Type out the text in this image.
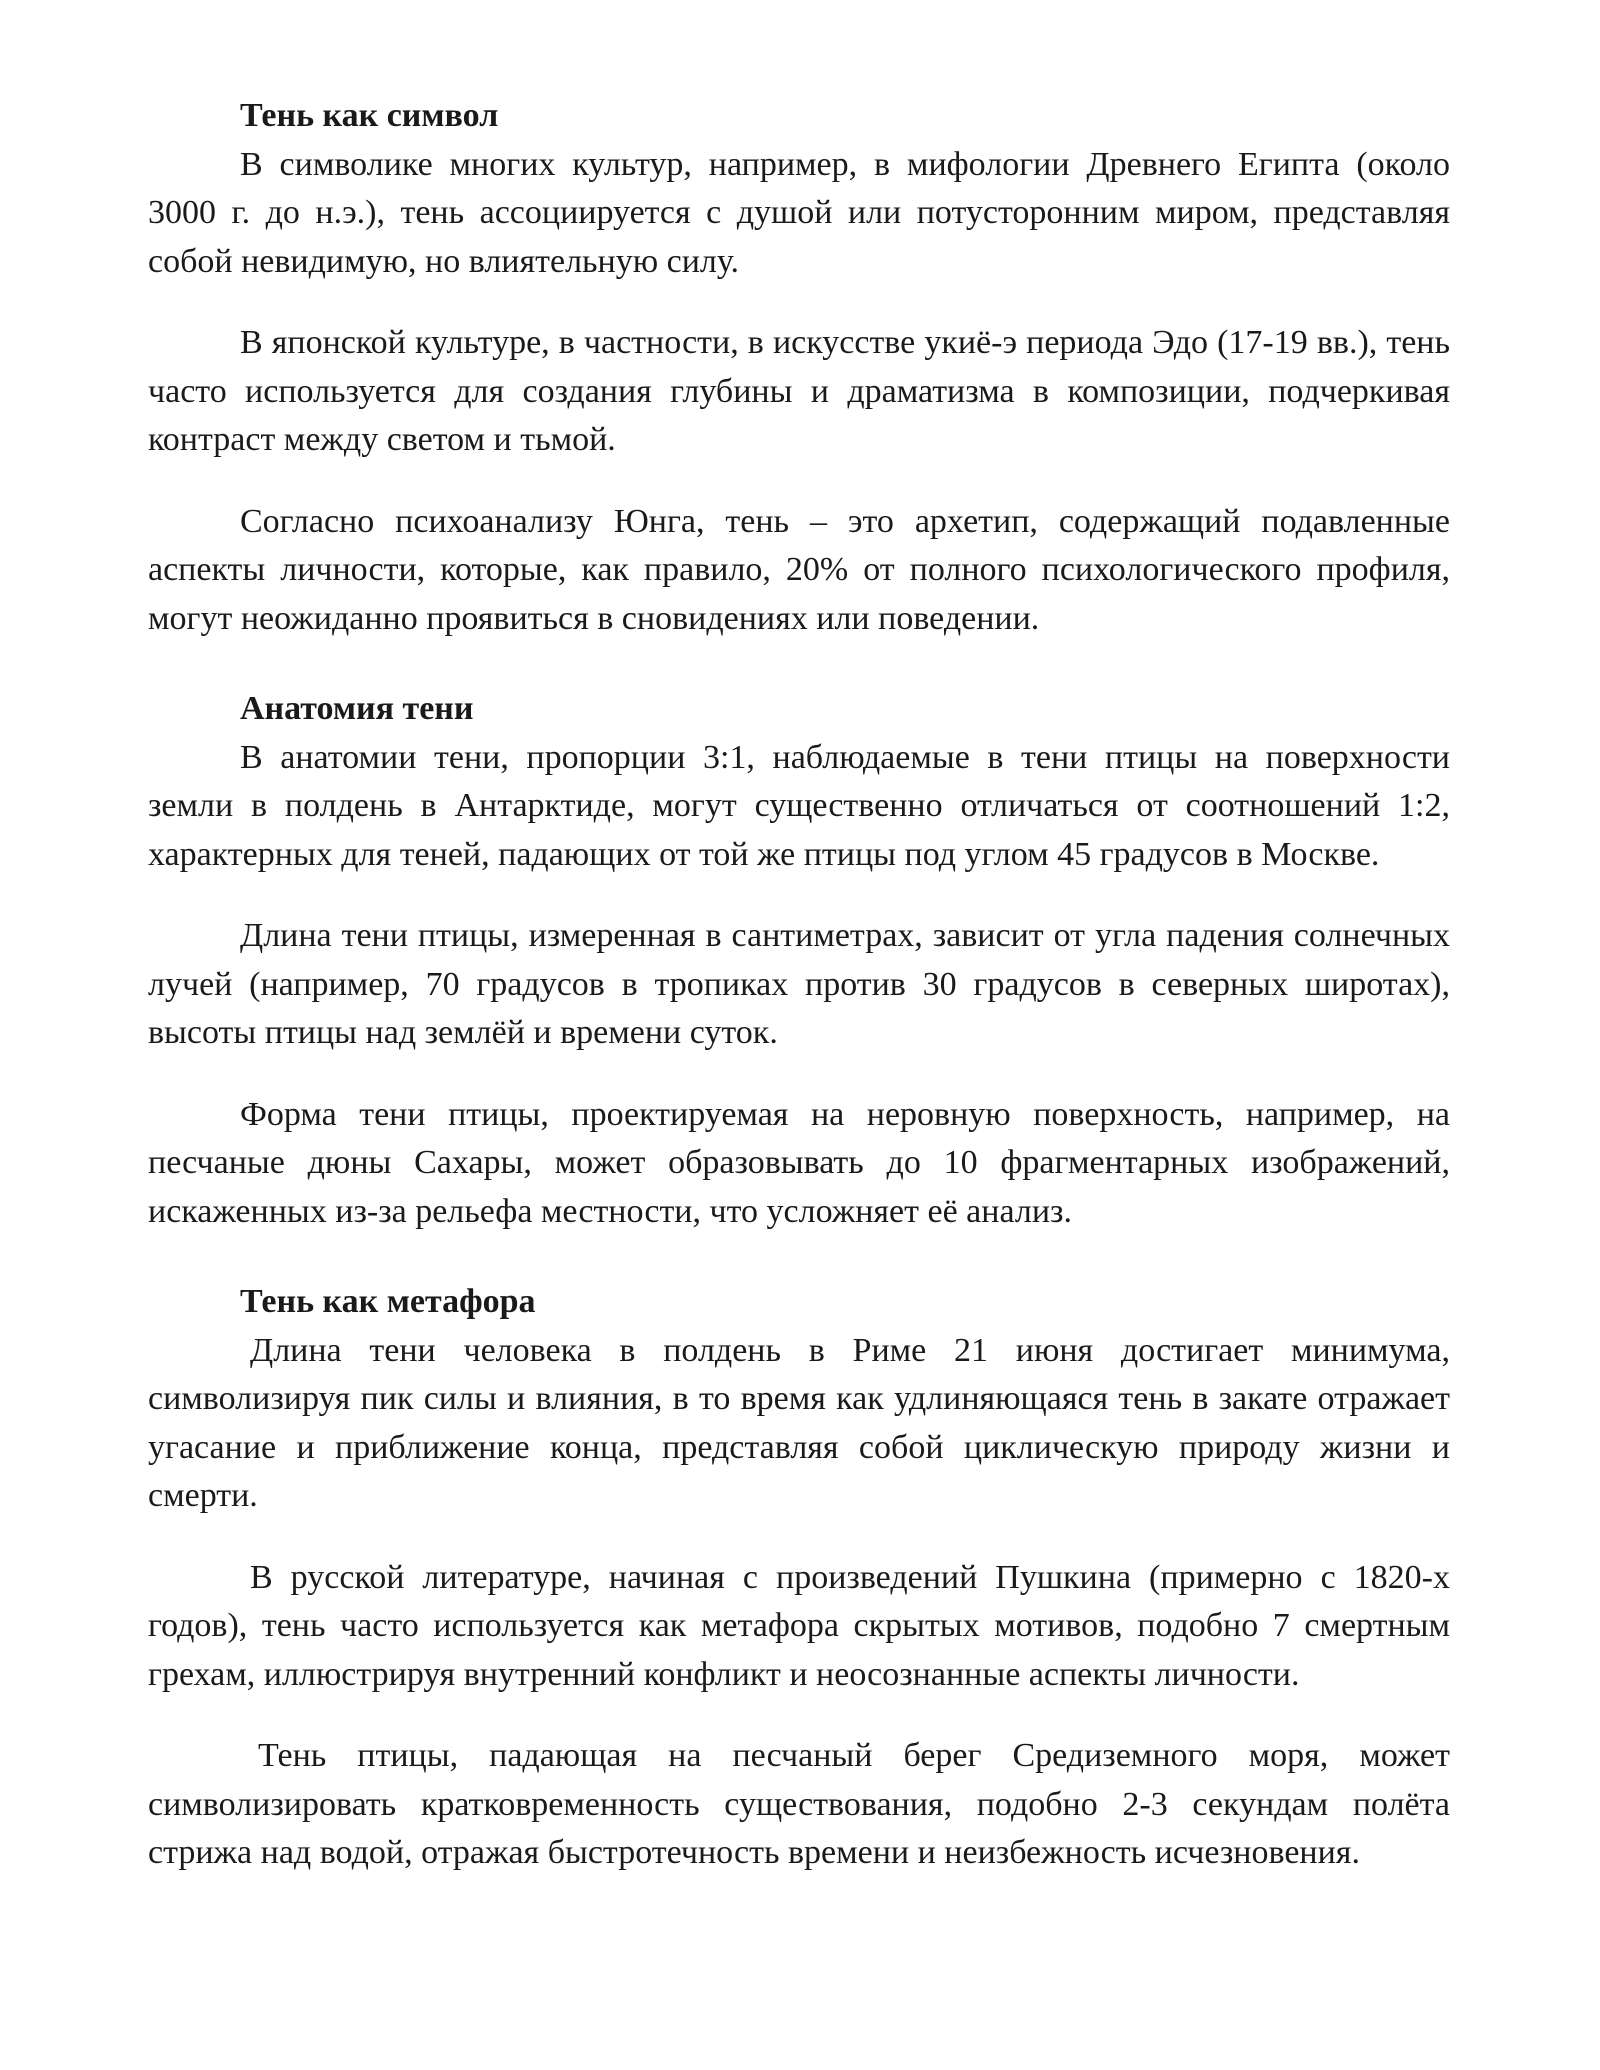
Тень как символ

В символике многих культур, например, в мифологии Древнего Египта (около 3000 г. до н.э.), тень ассоциируется с душой или потусторонним миром, представляя собой невидимую, но влиятельную силу.

В японской культуре, в частности, в искусстве укиё-э периода Эдо (17-19 вв.), тень часто используется для создания глубины и драматизма в композиции, подчеркивая контраст между светом и тьмой.

Согласно психоанализу Юнга, тень – это архетип, содержащий подавленные аспекты личности, которые, как правило, 20% от полного психологического профиля, могут неожиданно проявиться в сновидениях или поведении.

Анатомия тени

В анатомии тени, пропорции 3:1, наблюдаемые в тени птицы на поверхности земли в полдень в Антарктиде, могут существенно отличаться от соотношений 1:2, характерных для теней, падающих от той же птицы под углом 45 градусов в Москве.

Длина тени птицы, измеренная в сантиметрах, зависит от угла падения солнечных лучей (например, 70 градусов в тропиках против 30 градусов в северных широтах), высоты птицы над землёй и времени суток.

Форма тени птицы, проектируемая на неровную поверхность, например, на песчаные дюны Сахары, может образовывать до 10 фрагментарных изображений, искаженных из-за рельефа местности, что усложняет её анализ.

Тень как метафора

Длина тени человека в полдень в Риме 21 июня достигает минимума, символизируя пик силы и влияния, в то время как удлиняющаяся тень в закате отражает угасание и приближение конца, представляя собой циклическую природу жизни и смерти.

В русской литературе, начиная с произведений Пушкина (примерно с 1820-х годов), тень часто используется как метафора скрытых мотивов, подобно 7 смертным грехам, иллюстрируя внутренний конфликт и неосознанные аспекты личности.

Тень птицы, падающая на песчаный берег Средиземного моря, может символизировать кратковременность существования, подобно 2-3 секундам полёта стрижа над водой, отражая быстротечность времени и неизбежность исчезновения.
